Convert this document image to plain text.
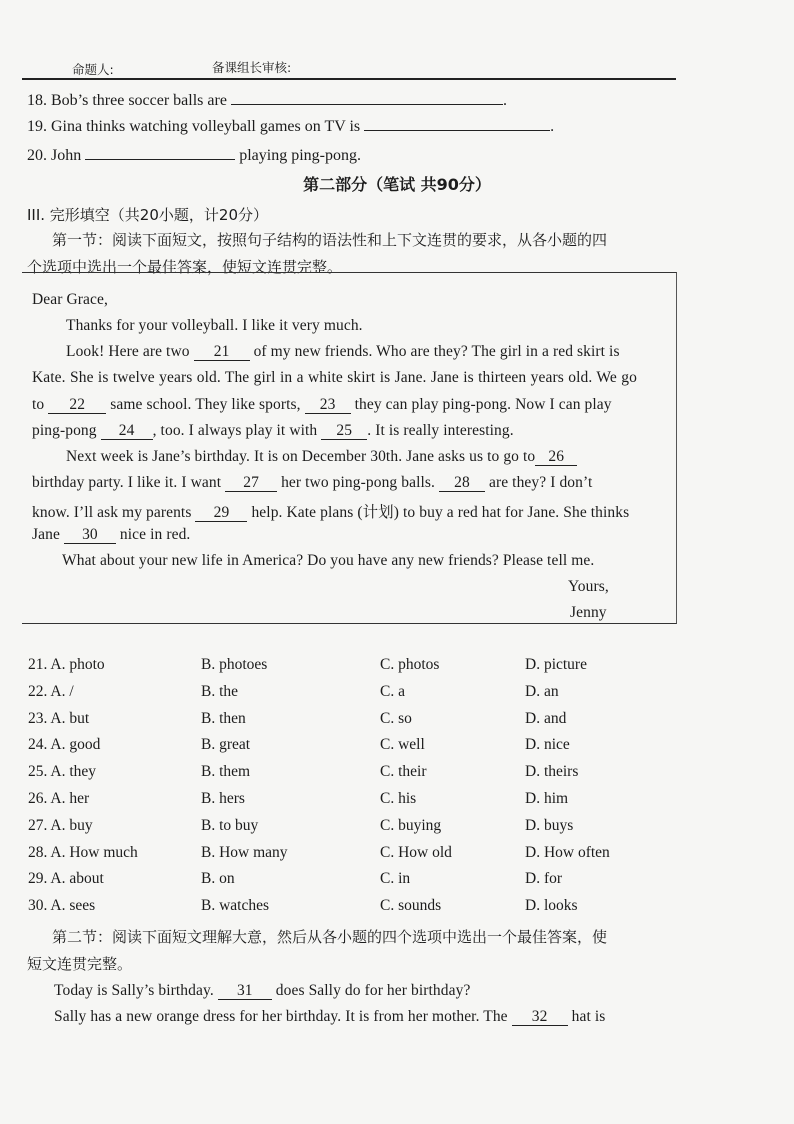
命题人:	备课组长审核:
18. Bob’s three soccer balls are	.
19. Gina thinks watching volleyball games on TV is	.
20. John	playing ping-pong.
第二部分（笔试 共90分）
III. 完形填空（共20小题，计20分）
第一节：阅读下面短文，按照句子结构的语法性和上下文连贯的要求，从各小题的四
个选项中选出一个最佳答案，使短文连贯完整。
Dear Grace,
Thanks for your volleyball. I like it very much.
Look! Here are two 21 of my new friends. Who are they? The girl in a red skirt is
Kate. She is twelve years old. The girl in a white skirt is Jane. Jane is thirteen years old. We go
to 22 same school. They like sports, 23 they can play ping-pong. Now I can play
ping-pong 24 , too. I always play it with 25 . It is really interesting.
Next week is Jane’s birthday. It is on December 30th. Jane asks us to go to 26
birthday party. I like it. I want 27 her two ping-pong balls. 28 are they? I don’t
know. I’ll ask my parents 29 help. Kate plans (计划) to buy a red hat for Jane. She thinks
Jane 30 nice in red.
What about your new life in America? Do you have any new friends? Please tell me.
Yours,
Jenny
21. A. photo	B. photoes	C. photos	D. picture
22. A. /	B. the	C. a	D. an
23. A. but	B. then	C. so	D. and
24. A. good	B. great	C. well	D. nice
25. A. they	B. them	C. their	D. theirs
26. A. her	B. hers	C. his	D. him
27. A. buy	B. to buy	C. buying	D. buys
28. A. How much	B. How many	C. How old	D. How often
29. A. about	B. on	C. in	D. for
30. A. sees	B. watches	C. sounds	D. looks
第二节：阅读下面短文理解大意，然后从各小题的四个选项中选出一个最佳答案，使
短文连贯完整。
Today is Sally’s birthday. 31 does Sally do for her birthday?
Sally has a new orange dress for her birthday. It is from her mother. The 32 hat is
